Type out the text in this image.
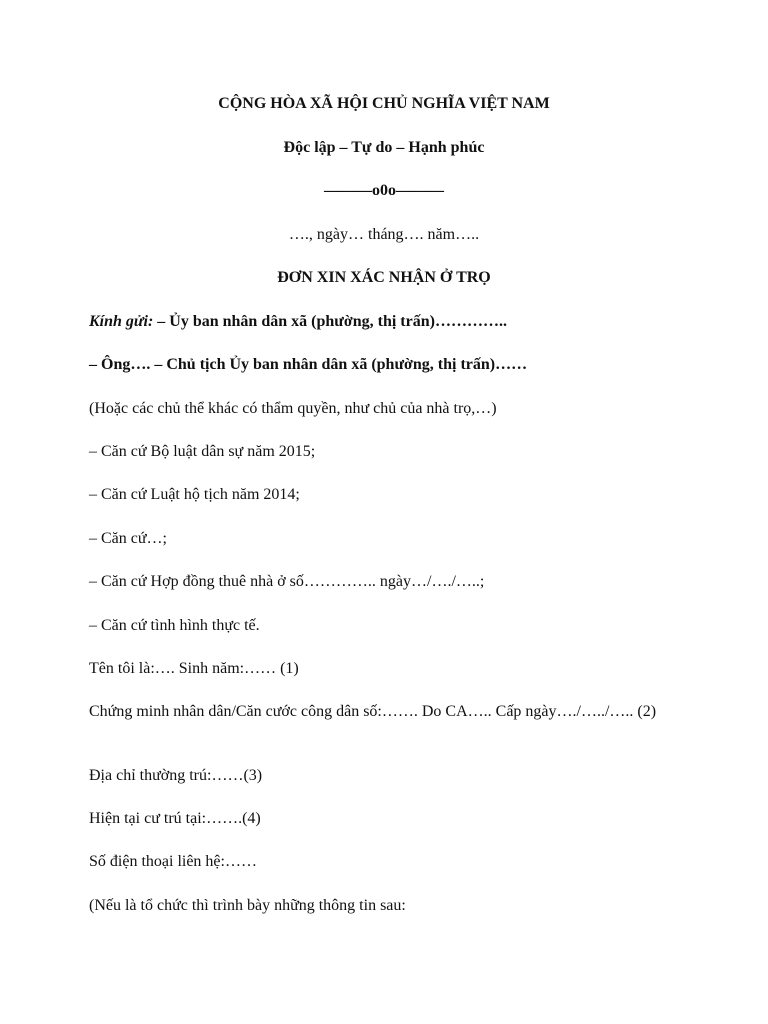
CỘNG HÒA XÃ HỘI CHỦ NGHĨA VIỆT NAM
Độc lập – Tự do – Hạnh phúc
———o0o———
…., ngày… tháng…. năm…..
ĐƠN XIN XÁC NHẬN Ở TRỌ
Kính gửi: – Ủy ban nhân dân xã (phường, thị trấn)…………..
– Ông…. – Chủ tịch Ủy ban nhân dân xã (phường, thị trấn)……
(Hoặc các chủ thể khác có thẩm quyền, như chủ của nhà trọ,…)
– Căn cứ Bộ luật dân sự năm 2015;
– Căn cứ Luật hộ tịch năm 2014;
– Căn cứ…;
– Căn cứ Hợp đồng thuê nhà ở số………….. ngày…/…./…..;
– Căn cứ tình hình thực tế.
Tên tôi là:…. Sinh năm:…… (1)
Chứng minh nhân dân/Căn cước công dân số:……. Do CA….. Cấp ngày…./…../….. (2)
Địa chỉ thường trú:……(3)
Hiện tại cư trú tại:…….(4)
Số điện thoại liên hệ:……
(Nếu là tổ chức thì trình bày những thông tin sau:
